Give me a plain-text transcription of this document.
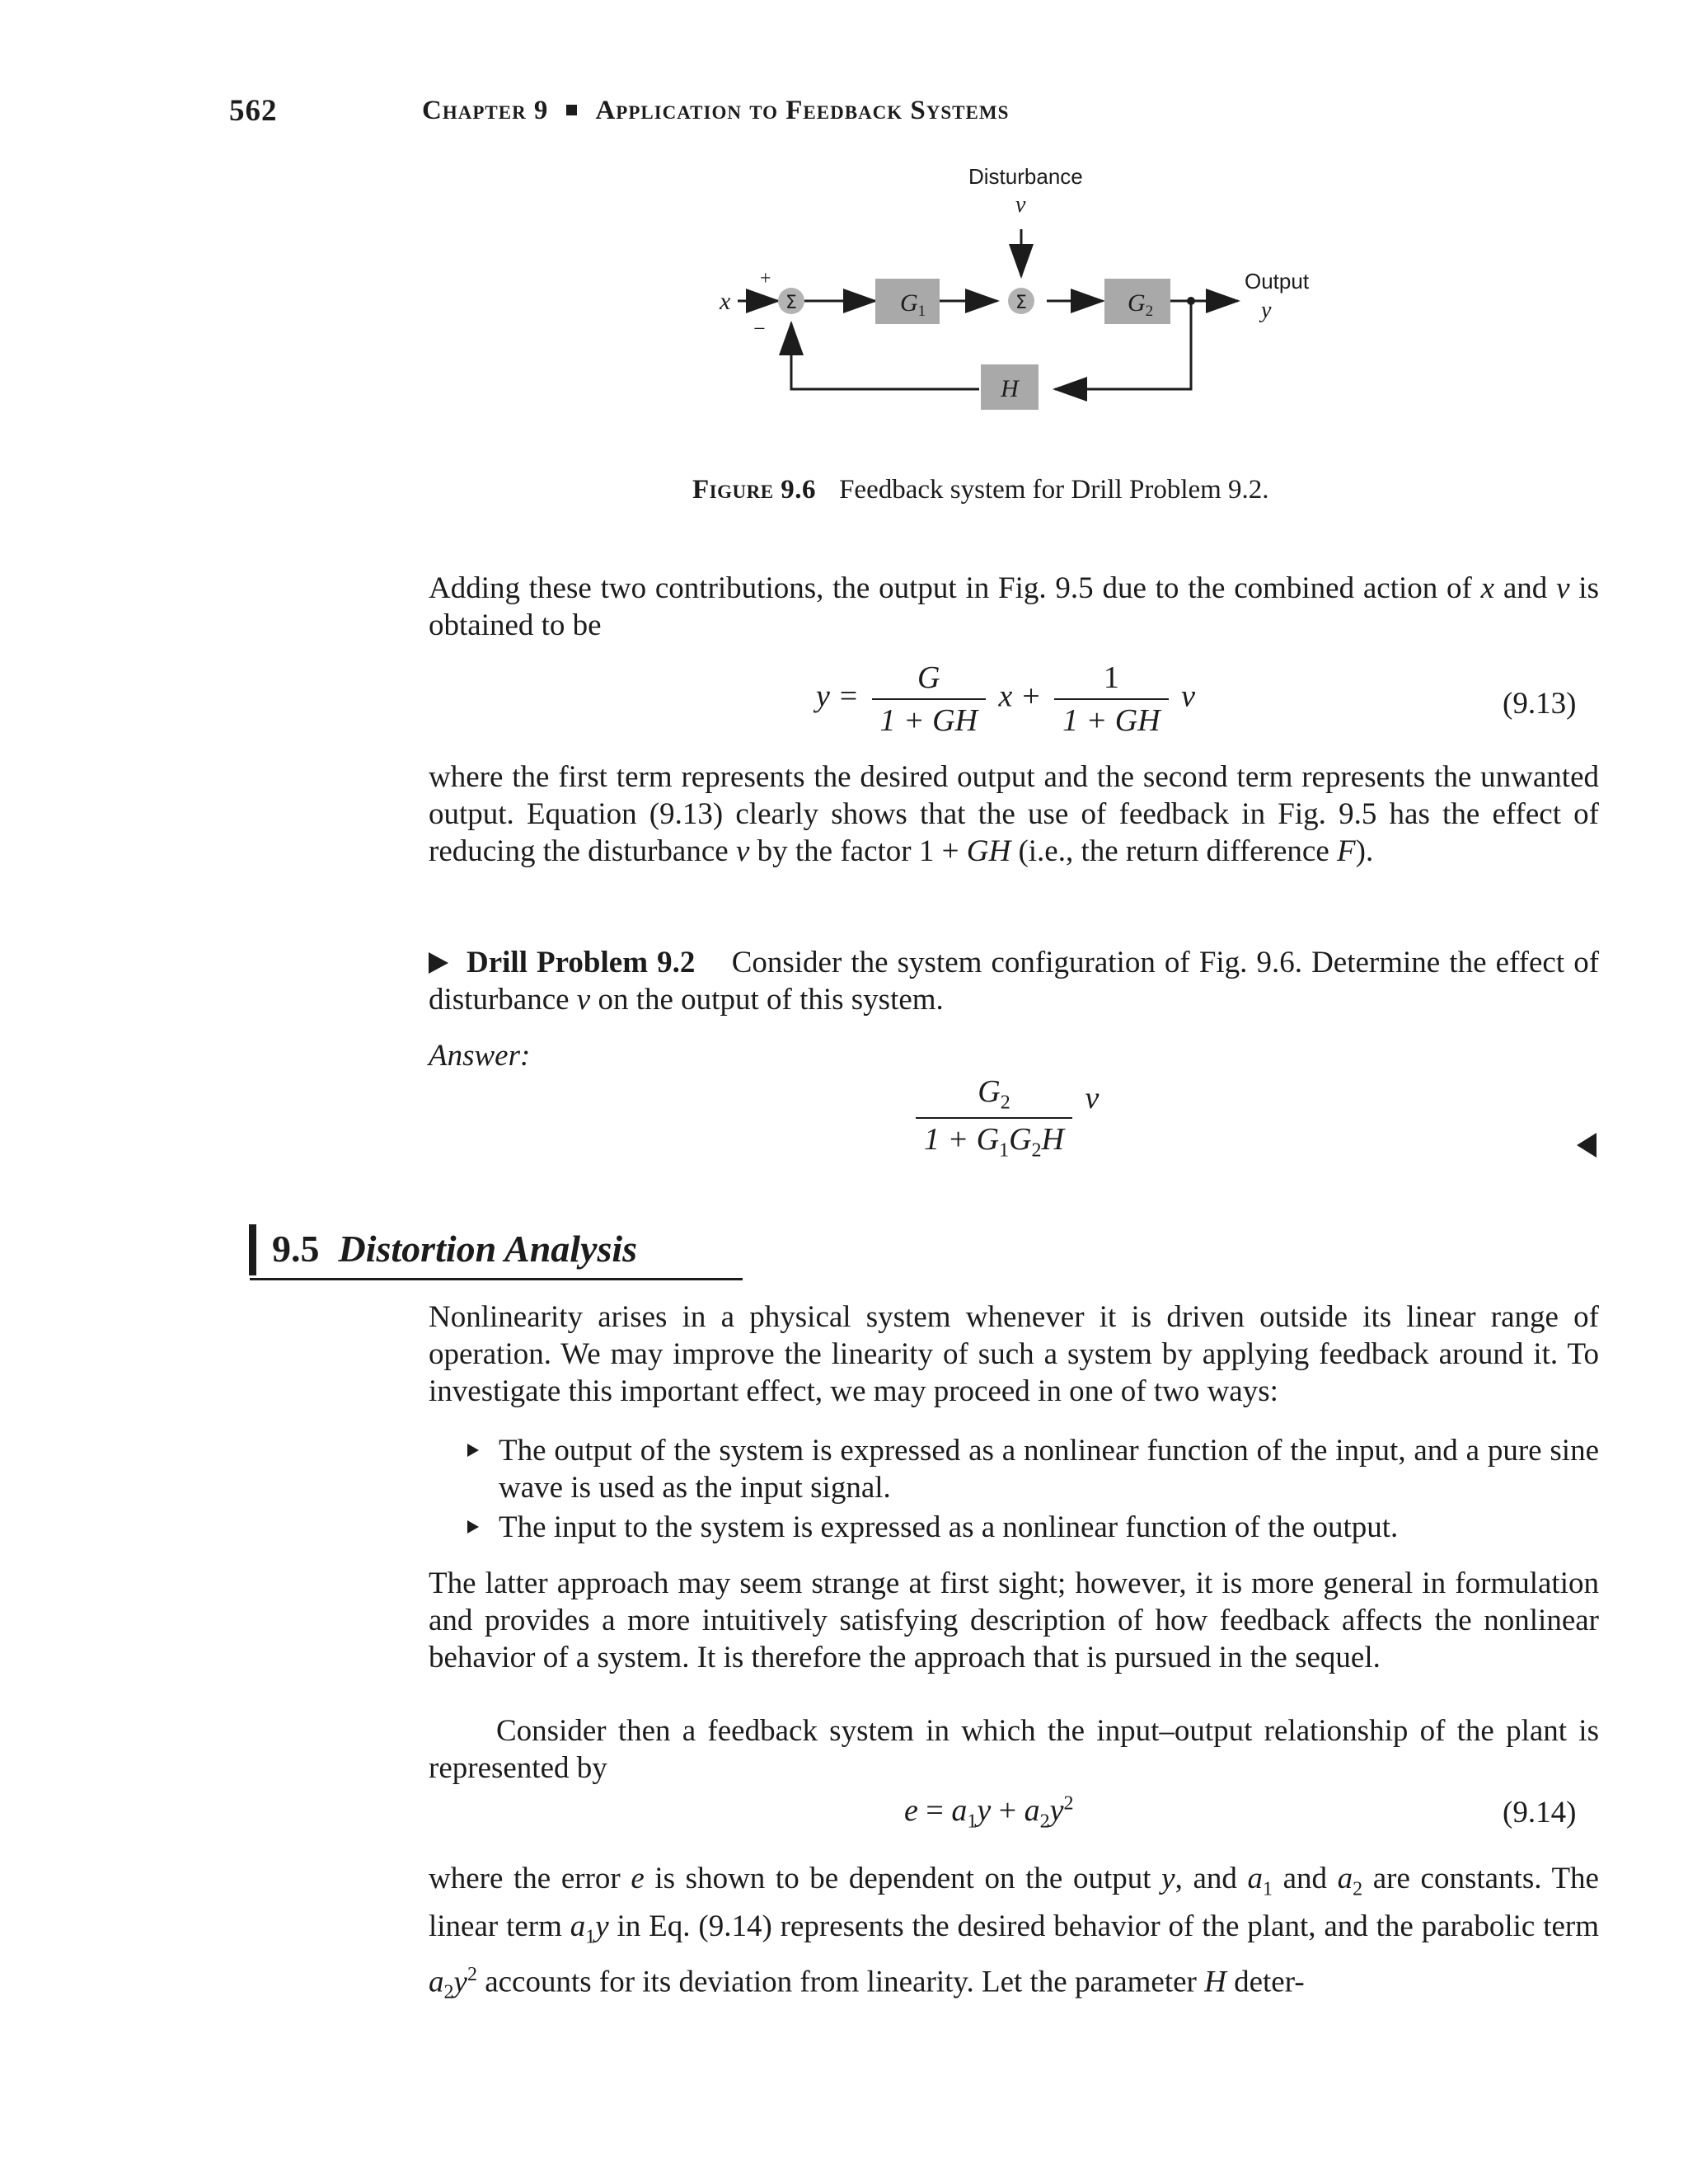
562	Chapter 9 Application to Feedback Systems
Disturbance
ν
x
+
−
Output
y
Σ	Σ
$G_1$	$G_2$
H
Figure 9.6 Feedback system for Drill Problem 9.2.
Adding these two contributions, the output in Fig. 9.5 due to the combined action of x and ν is obtained to be
$y = \frac{G}{1 + GH}$ $x + \frac{1}{1 + GH}$ ν	(9.13)
where the first term represents the desired output and the second term represents the unwanted output. Equation (9.13) clearly shows that the use of feedback in Fig. 9.5 has the effect of reducing the disturbance ν by the factor 1 + GH (i.e., the return difference F).
Drill Problem 9.2 Consider the system configuration of Fig. 9.6. Determine the effect of disturbance ν on the output of this system.
Answer:
$\frac{G_2}{1 + G_1G_2H}$ ν
9.5 Distortion Analysis
Nonlinearity arises in a physical system whenever it is driven outside its linear range of operation. We may improve the linearity of such a system by applying feedback around it. To investigate this important effect, we may proceed in one of two ways:
The output of the system is expressed as a nonlinear function of the input, and a pure sine wave is used as the input signal.
The input to the system is expressed as a nonlinear function of the output.
The latter approach may seem strange at first sight; however, it is more general in formulation and provides a more intuitively satisfying description of how feedback affects the nonlinear behavior of a system. It is therefore the approach that is pursued in the sequel.
Consider then a feedback system in which the input–output relationship of the plant is represented by
$e = a_1y + a_2y^2$	(9.14)
where the error e is shown to be dependent on the output y, and $a_1$ and $a_2$ are constants. The linear term $a_1y$ in Eq. (9.14) represents the desired behavior of the plant, and the parabolic term $a_2y^2$ accounts for its deviation from linearity. Let the parameter H deter-
